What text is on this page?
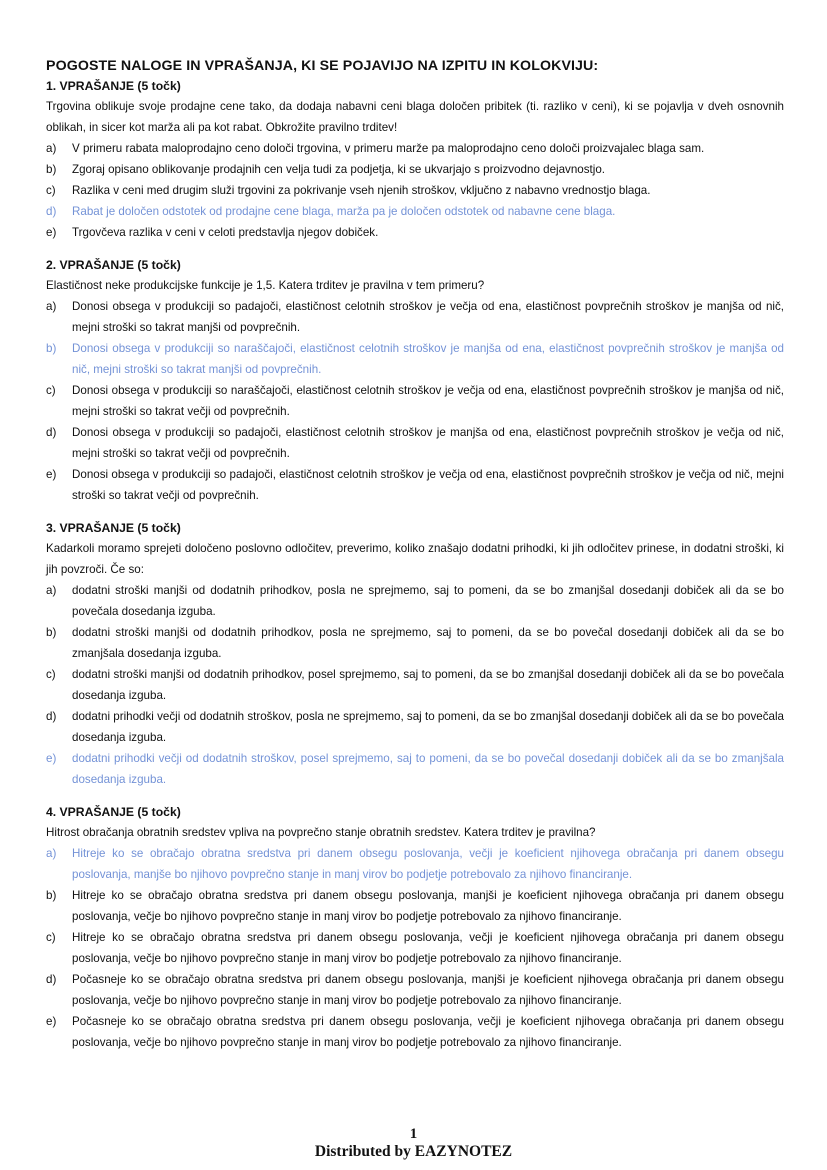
POGOSTE NALOGE IN VPRAŠANJA, KI SE POJAVIJO NA IZPITU IN KOLOKVIJU:
1. VPRAŠANJE (5 točk)
Trgovina oblikuje svoje prodajne cene tako, da dodaja nabavni ceni blaga določen pribitek (ti. razliko v ceni), ki se pojavlja v dveh osnovnih oblikah, in sicer kot marža ali pa kot rabat. Obkrožite pravilno trditev!
a)	V primeru rabata maloprodajno ceno določi trgovina, v primeru marže pa maloprodajno ceno določi proizvajalec blaga sam.
b)	Zgoraj opisano oblikovanje prodajnih cen velja tudi za podjetja, ki se ukvarjajo s proizvodno dejavnostjo.
c)	Razlika v ceni med drugim služi trgovini za pokrivanje vseh njenih stroškov, vključno z nabavno vrednostjo blaga.
d)	Rabat je določen odstotek od prodajne cene blaga, marža pa je določen odstotek od nabavne cene blaga.
e)	Trgovčeva razlika v ceni v celoti predstavlja njegov dobiček.
2. VPRAŠANJE (5 točk)
Elastičnost neke produkcijske funkcije je 1,5. Katera trditev je pravilna v tem primeru?
a)	Donosi obsega v produkciji so padajoči, elastičnost celotnih stroškov je večja od ena, elastičnost povprečnih stroškov je manjša od nič, mejni stroški so takrat manjši od povprečnih.
b)	Donosi obsega v produkciji so naraščajoči, elastičnost celotnih stroškov je manjša od ena, elastičnost povprečnih stroškov je manjša od nič, mejni stroški so takrat manjši od povprečnih.
c)	Donosi obsega v produkciji so naraščajoči, elastičnost celotnih stroškov je večja od ena, elastičnost povprečnih stroškov je manjša od nič, mejni stroški so takrat večji od povprečnih.
d)	Donosi obsega v produkciji so padajoči, elastičnost celotnih stroškov je manjša od ena, elastičnost povprečnih stroškov je večja od nič, mejni stroški so takrat večji od povprečnih.
e)	Donosi obsega v produkciji so padajoči, elastičnost celotnih stroškov je večja od ena, elastičnost povprečnih stroškov je večja od nič, mejni stroški so takrat večji od povprečnih.
3. VPRAŠANJE (5 točk)
Kadarkoli moramo sprejeti določeno poslovno odločitev, preverimo, koliko znašajo dodatni prihodki, ki jih odločitev prinese, in dodatni stroški, ki jih povzroči. Če so:
a)	dodatni stroški manjši od dodatnih prihodkov, posla ne sprejmemo, saj to pomeni, da se bo zmanjšal dosedanji dobiček ali da se bo povečala dosedanja izguba.
b)	dodatni stroški manjši od dodatnih prihodkov, posla ne sprejmemo, saj to pomeni, da se bo povečal dosedanji dobiček ali da se bo zmanjšala dosedanja izguba.
c)	dodatni stroški manjši od dodatnih prihodkov, posel sprejmemo, saj to pomeni, da se bo zmanjšal dosedanji dobiček ali da se bo povečala dosedanja izguba.
d)	dodatni prihodki večji od dodatnih stroškov, posla ne sprejmemo, saj to pomeni, da se bo zmanjšal dosedanji dobiček ali da se bo povečala dosedanja izguba.
e)	dodatni prihodki večji od dodatnih stroškov, posel sprejmemo, saj to pomeni, da se bo povečal dosedanji dobiček ali da se bo zmanjšala dosedanja izguba.
4. VPRAŠANJE (5 točk)
Hitrost obračanja obratnih sredstev vpliva na povprečno stanje obratnih sredstev. Katera trditev je pravilna?
a)	Hitreje ko se obračajo obratna sredstva pri danem obsegu poslovanja, večji je koeficient njihovega obračanja pri danem obsegu poslovanja, manjše bo njihovo povprečno stanje in manj virov bo podjetje potrebovalo za njihovo financiranje.
b)	Hitreje ko se obračajo obratna sredstva pri danem obsegu poslovanja, manjši je koeficient njihovega obračanja pri danem obsegu poslovanja, večje bo njihovo povprečno stanje in manj virov bo podjetje potrebovalo za njihovo financiranje.
c)	Hitreje ko se obračajo obratna sredstva pri danem obsegu poslovanja, večji je koeficient njihovega obračanja pri danem obsegu poslovanja, večje bo njihovo povprečno stanje in manj virov bo podjetje potrebovalo za njihovo financiranje.
d)	Počasneje ko se obračajo obratna sredstva pri danem obsegu poslovanja, manjši je koeficient njihovega obračanja pri danem obsegu poslovanja, večje bo njihovo povprečno stanje in manj virov bo podjetje potrebovalo za njihovo financiranje.
e)	Počasneje ko se obračajo obratna sredstva pri danem obsegu poslovanja, večji je koeficient njihovega obračanja pri danem obsegu poslovanja, večje bo njihovo povprečno stanje in manj virov bo podjetje potrebovalo za njihovo financiranje.
1
Distributed by EAZYNOTEZ
